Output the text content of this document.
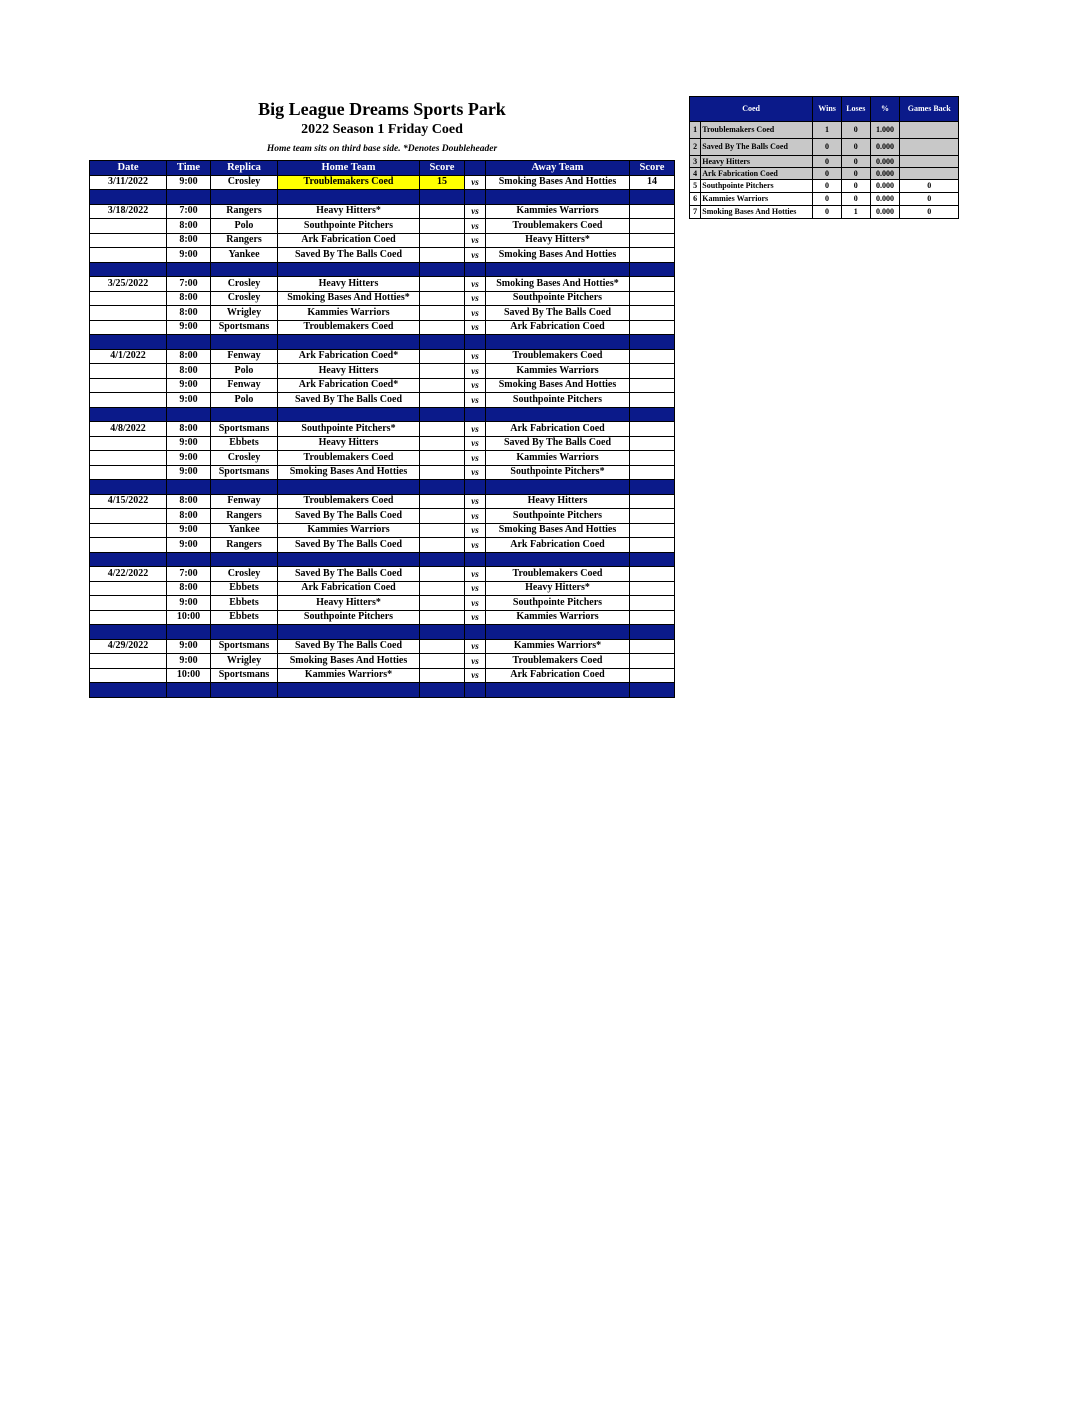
Big League Dreams Sports Park
2022 Season 1 Friday Coed
Home team sits on third base side. *Denotes Doubleheader
Date	Time	Replica	Home Team	Score		Away Team	Score
3/11/2022	9:00	Crosley	Troublemakers Coed	15	vs	Smoking Bases And Hotties	14

3/18/2022	7:00	Rangers	Heavy Hitters*		vs	Kammies Warriors	
	8:00	Polo	Southpointe Pitchers		vs	Troublemakers Coed	
	8:00	Rangers	Ark Fabrication Coed		vs	Heavy Hitters*	
	9:00	Yankee	Saved By The Balls Coed		vs	Smoking Bases And Hotties	

3/25/2022	7:00	Crosley	Heavy Hitters		vs	Smoking Bases And Hotties*	
	8:00	Crosley	Smoking Bases And Hotties*		vs	Southpointe Pitchers	
	8:00	Wrigley	Kammies Warriors		vs	Saved By The Balls Coed	
	9:00	Sportsmans	Troublemakers Coed		vs	Ark Fabrication Coed	

4/1/2022	8:00	Fenway	Ark Fabrication Coed*		vs	Troublemakers Coed	
	8:00	Polo	Heavy Hitters		vs	Kammies Warriors	
	9:00	Fenway	Ark Fabrication Coed*		vs	Smoking Bases And Hotties	
	9:00	Polo	Saved By The Balls Coed		vs	Southpointe Pitchers	

4/8/2022	8:00	Sportsmans	Southpointe Pitchers*		vs	Ark Fabrication Coed	
	9:00	Ebbets	Heavy Hitters		vs	Saved By The Balls Coed	
	9:00	Crosley	Troublemakers Coed		vs	Kammies Warriors	
	9:00	Sportsmans	Smoking Bases And Hotties		vs	Southpointe Pitchers*	

4/15/2022	8:00	Fenway	Troublemakers Coed		vs	Heavy Hitters	
	8:00	Rangers	Saved By The Balls Coed		vs	Southpointe Pitchers	
	9:00	Yankee	Kammies Warriors		vs	Smoking Bases And Hotties	
	9:00	Rangers	Saved By The Balls Coed		vs	Ark Fabrication Coed	

4/22/2022	7:00	Crosley	Saved By The Balls Coed		vs	Troublemakers Coed	
	8:00	Ebbets	Ark Fabrication Coed		vs	Heavy Hitters*	
	9:00	Ebbets	Heavy Hitters*		vs	Southpointe Pitchers	
	10:00	Ebbets	Southpointe Pitchers		vs	Kammies Warriors	

4/29/2022	9:00	Sportsmans	Saved By The Balls Coed		vs	Kammies Warriors*	
	9:00	Wrigley	Smoking Bases And Hotties		vs	Troublemakers Coed	
	10:00	Sportsmans	Kammies Warriors*		vs	Ark Fabrication Coed	

Coed		Wins	Loses	%	Games Back
1	Troublemakers Coed	1	0	1.000	
2	Saved By The Balls Coed	0	0	0.000	
3	Heavy Hitters	0	0	0.000	
4	Ark Fabrication Coed	0	0	0.000	
5	Southpointe Pitchers	0	0	0.000	0
6	Kammies Warriors	0	0	0.000	0
7	Smoking Bases And Hotties	0	1	0.000	0
